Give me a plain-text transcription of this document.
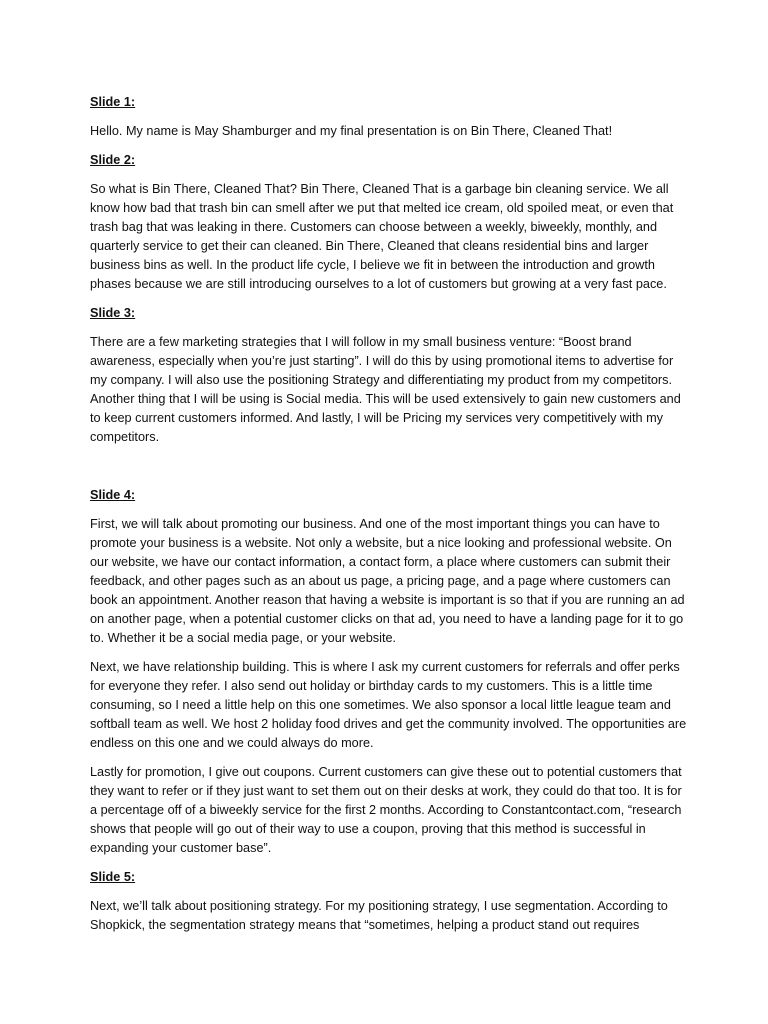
Slide 1:

Hello. My name is May Shamburger and my final presentation is on Bin There, Cleaned That!

Slide 2:

So what is Bin There, Cleaned That? Bin There, Cleaned That is a garbage bin cleaning service. We all know how bad that trash bin can smell after we put that melted ice cream, old spoiled meat, or even that trash bag that was leaking in there. Customers can choose between a weekly, biweekly, monthly, and quarterly service to get their can cleaned. Bin There, Cleaned that cleans residential bins and larger business bins as well. In the product life cycle, I believe we fit in between the introduction and growth phases because we are still introducing ourselves to a lot of customers but growing at a very fast pace.

Slide 3:

There are a few marketing strategies that I will follow in my small business venture: “Boost brand awareness, especially when you’re just starting”. I will do this by using promotional items to advertise for my company. I will also use the positioning Strategy and differentiating my product from my competitors. Another thing that I will be using is Social media. This will be used extensively to gain new customers and to keep current customers informed. And lastly, I will be Pricing my services very competitively with my competitors.

Slide 4:

First, we will talk about promoting our business. And one of the most important things you can have to promote your business is a website. Not only a website, but a nice looking and professional website. On our website, we have our contact information, a contact form, a place where customers can submit their feedback, and other pages such as an about us page, a pricing page, and a page where customers can book an appointment. Another reason that having a website is important is so that if you are running an ad on another page, when a potential customer clicks on that ad, you need to have a landing page for it to go to. Whether it be a social media page, or your website.

Next, we have relationship building. This is where I ask my current customers for referrals and offer perks for everyone they refer. I also send out holiday or birthday cards to my customers. This is a little time consuming, so I need a little help on this one sometimes. We also sponsor a local little league team and softball team as well. We host 2 holiday food drives and get the community involved. The opportunities are endless on this one and we could always do more.

Lastly for promotion, I give out coupons. Current customers can give these out to potential customers that they want to refer or if they just want to set them out on their desks at work, they could do that too. It is for a percentage off of a biweekly service for the first 2 months. According to Constantcontact.com, “research shows that people will go out of their way to use a coupon, proving that this method is successful in expanding your customer base”.

Slide 5:

Next, we’ll talk about positioning strategy. For my positioning strategy, I use segmentation. According to Shopkick, the segmentation strategy means that “sometimes, helping a product stand out requires
